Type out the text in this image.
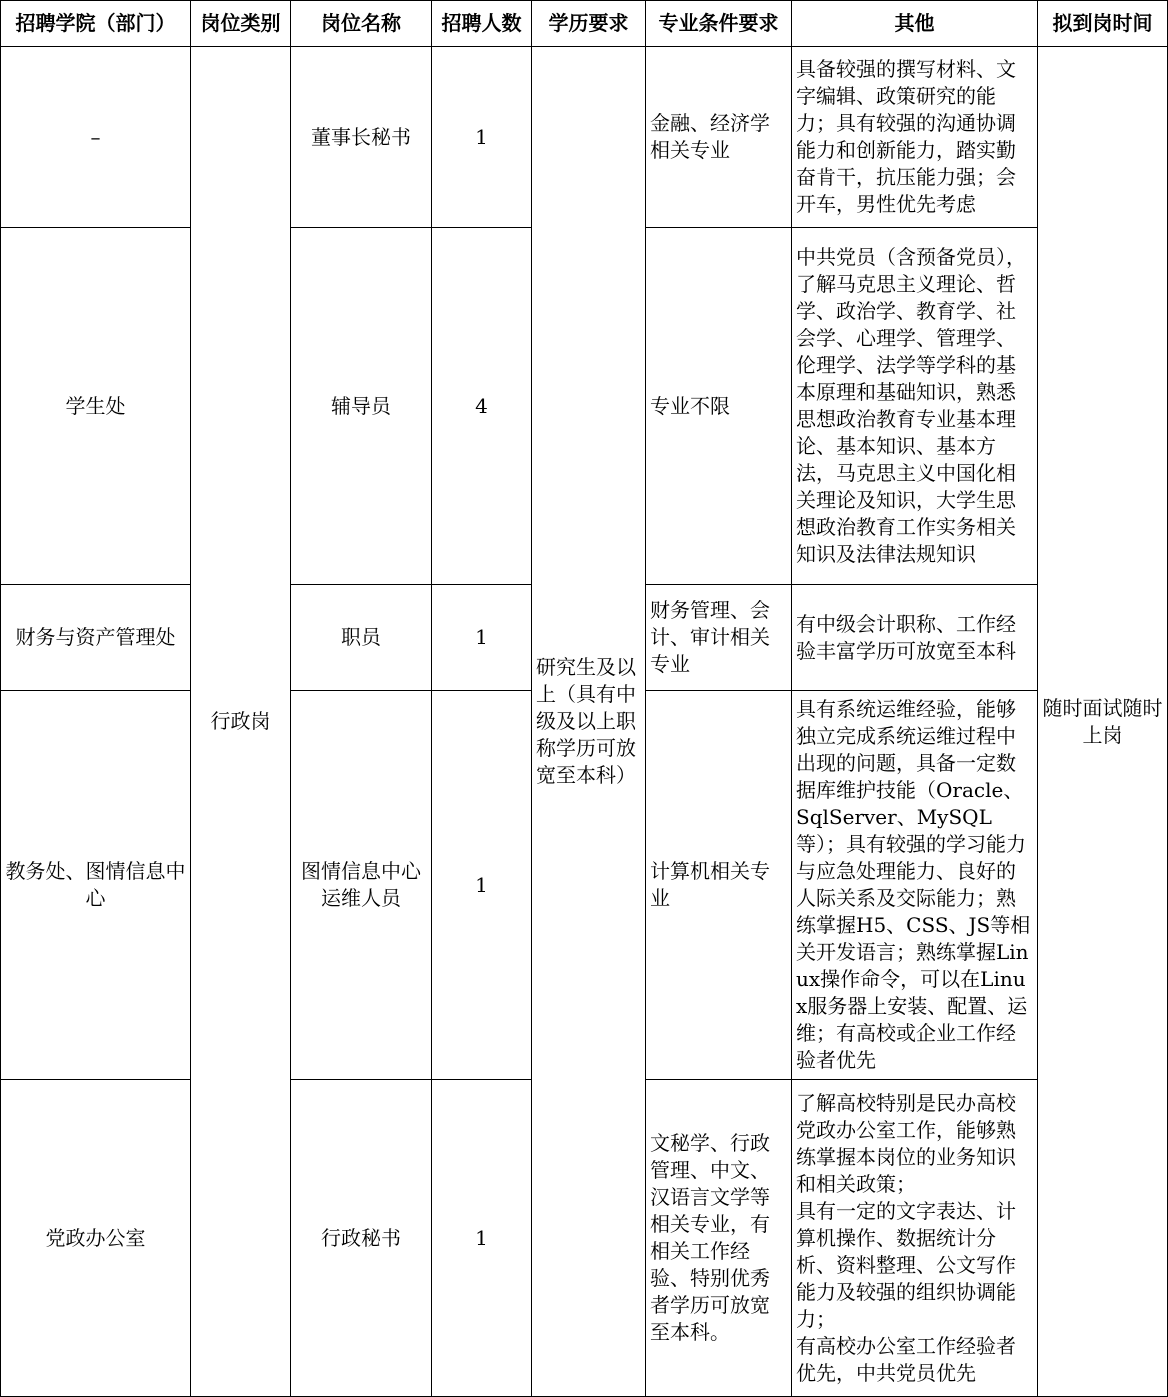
招聘学院（部门）	岗位类别	岗位名称	招聘人数	学历要求	专业条件要求	其他	拟到岗时间
–	行政岗	董事长秘书	1	研究生及以上（具有中级及以上职称学历可放宽至本科）	金融、经济学相关专业	具备较强的撰写材料、文字编辑、政策研究的能力；具有较强的沟通协调能力和创新能力，踏实勤奋肯干，抗压能力强；会开车，男性优先考虑	随时面试随时上岗
学生处		辅导员	4		专业不限	中共党员（含预备党员），了解马克思主义理论、哲学、政治学、教育学、社会学、心理学、管理学、伦理学、法学等学科的基本原理和基础知识，熟悉思想政治教育专业基本理论、基本知识、基本方法，马克思主义中国化相关理论及知识，大学生思想政治教育工作实务相关知识及法律法规知识	
财务与资产管理处		职员	1		财务管理、会计、审计相关专业	有中级会计职称、工作经验丰富学历可放宽至本科	
教务处、图情信息中心		图情信息中心运维人员	1		计算机相关专业	具有系统运维经验，能够独立完成系统运维过程中出现的问题，具备一定数据库维护技能（Oracle、SqlServer、MySQL等）；具有较强的学习能力与应急处理能力、良好的人际关系及交际能力；熟练掌握H5、CSS、JS等相关开发语言；熟练掌握Linux操作命令，可以在Linux服务器上安装、配置、运维；有高校或企业工作经验者优先	
党政办公室		行政秘书	1		文秘学、行政管理、中文、汉语言文学等相关专业，有相关工作经验、特别优秀者学历可放宽至本科。	了解高校特别是民办高校党政办公室工作，能够熟练掌握本岗位的业务知识和相关政策；
具有一定的文字表达、计算机操作、数据统计分析、资料整理、公文写作能力及较强的组织协调能力；
有高校办公室工作经验者优先，中共党员优先	
